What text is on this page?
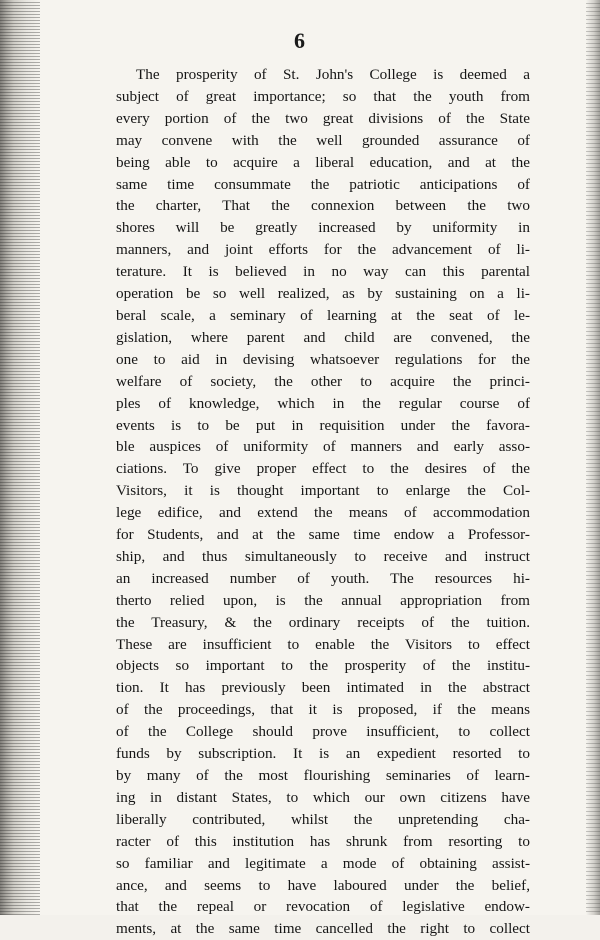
6
The prosperity of St. John's College is deemed a
subject of great importance; so that the youth from
every portion of the two great divisions of the State
may convene with the well grounded assurance of
being able to acquire a liberal education, and at the
same time consummate the patriotic anticipations of
the charter, That the connexion between the two
shores will be greatly increased by uniformity in
manners, and joint efforts for the advancement of li-
terature. It is believed in no way can this parental
operation be so well realized, as by sustaining on a li-
beral scale, a seminary of learning at the seat of le-
gislation, where parent and child are convened, the
one to aid in devising whatsoever regulations for the
welfare of society, the other to acquire the princi-
ples of knowledge, which in the regular course of
events is to be put in requisition under the favora-
ble auspices of uniformity of manners and early asso-
ciations. To give proper effect to the desires of the
Visitors, it is thought important to enlarge the Col-
lege edifice, and extend the means of accommodation
for Students, and at the same time endow a Professor-
ship, and thus simultaneously to receive and instruct
an increased number of youth. The resources hi-
therto relied upon, is the annual appropriation from
the Treasury, & the ordinary receipts of the tuition.
These are insufficient to enable the Visitors to effect
objects so important to the prosperity of the institu-
tion. It has previously been intimated in the abstract
of the proceedings, that it is proposed, if the means
of the College should prove insufficient, to collect
funds by subscription. It is an expedient resorted to
by many of the most flourishing seminaries of learn-
ing in distant States, to which our own citizens have
liberally contributed, whilst the unpretending cha-
racter of this institution has shrunk from resorting to
so familiar and legitimate a mode of obtaining assist-
ance, and seems to have laboured under the belief,
that the repeal or revocation of legislative endow-
ments, at the same time cancelled the right to collect
